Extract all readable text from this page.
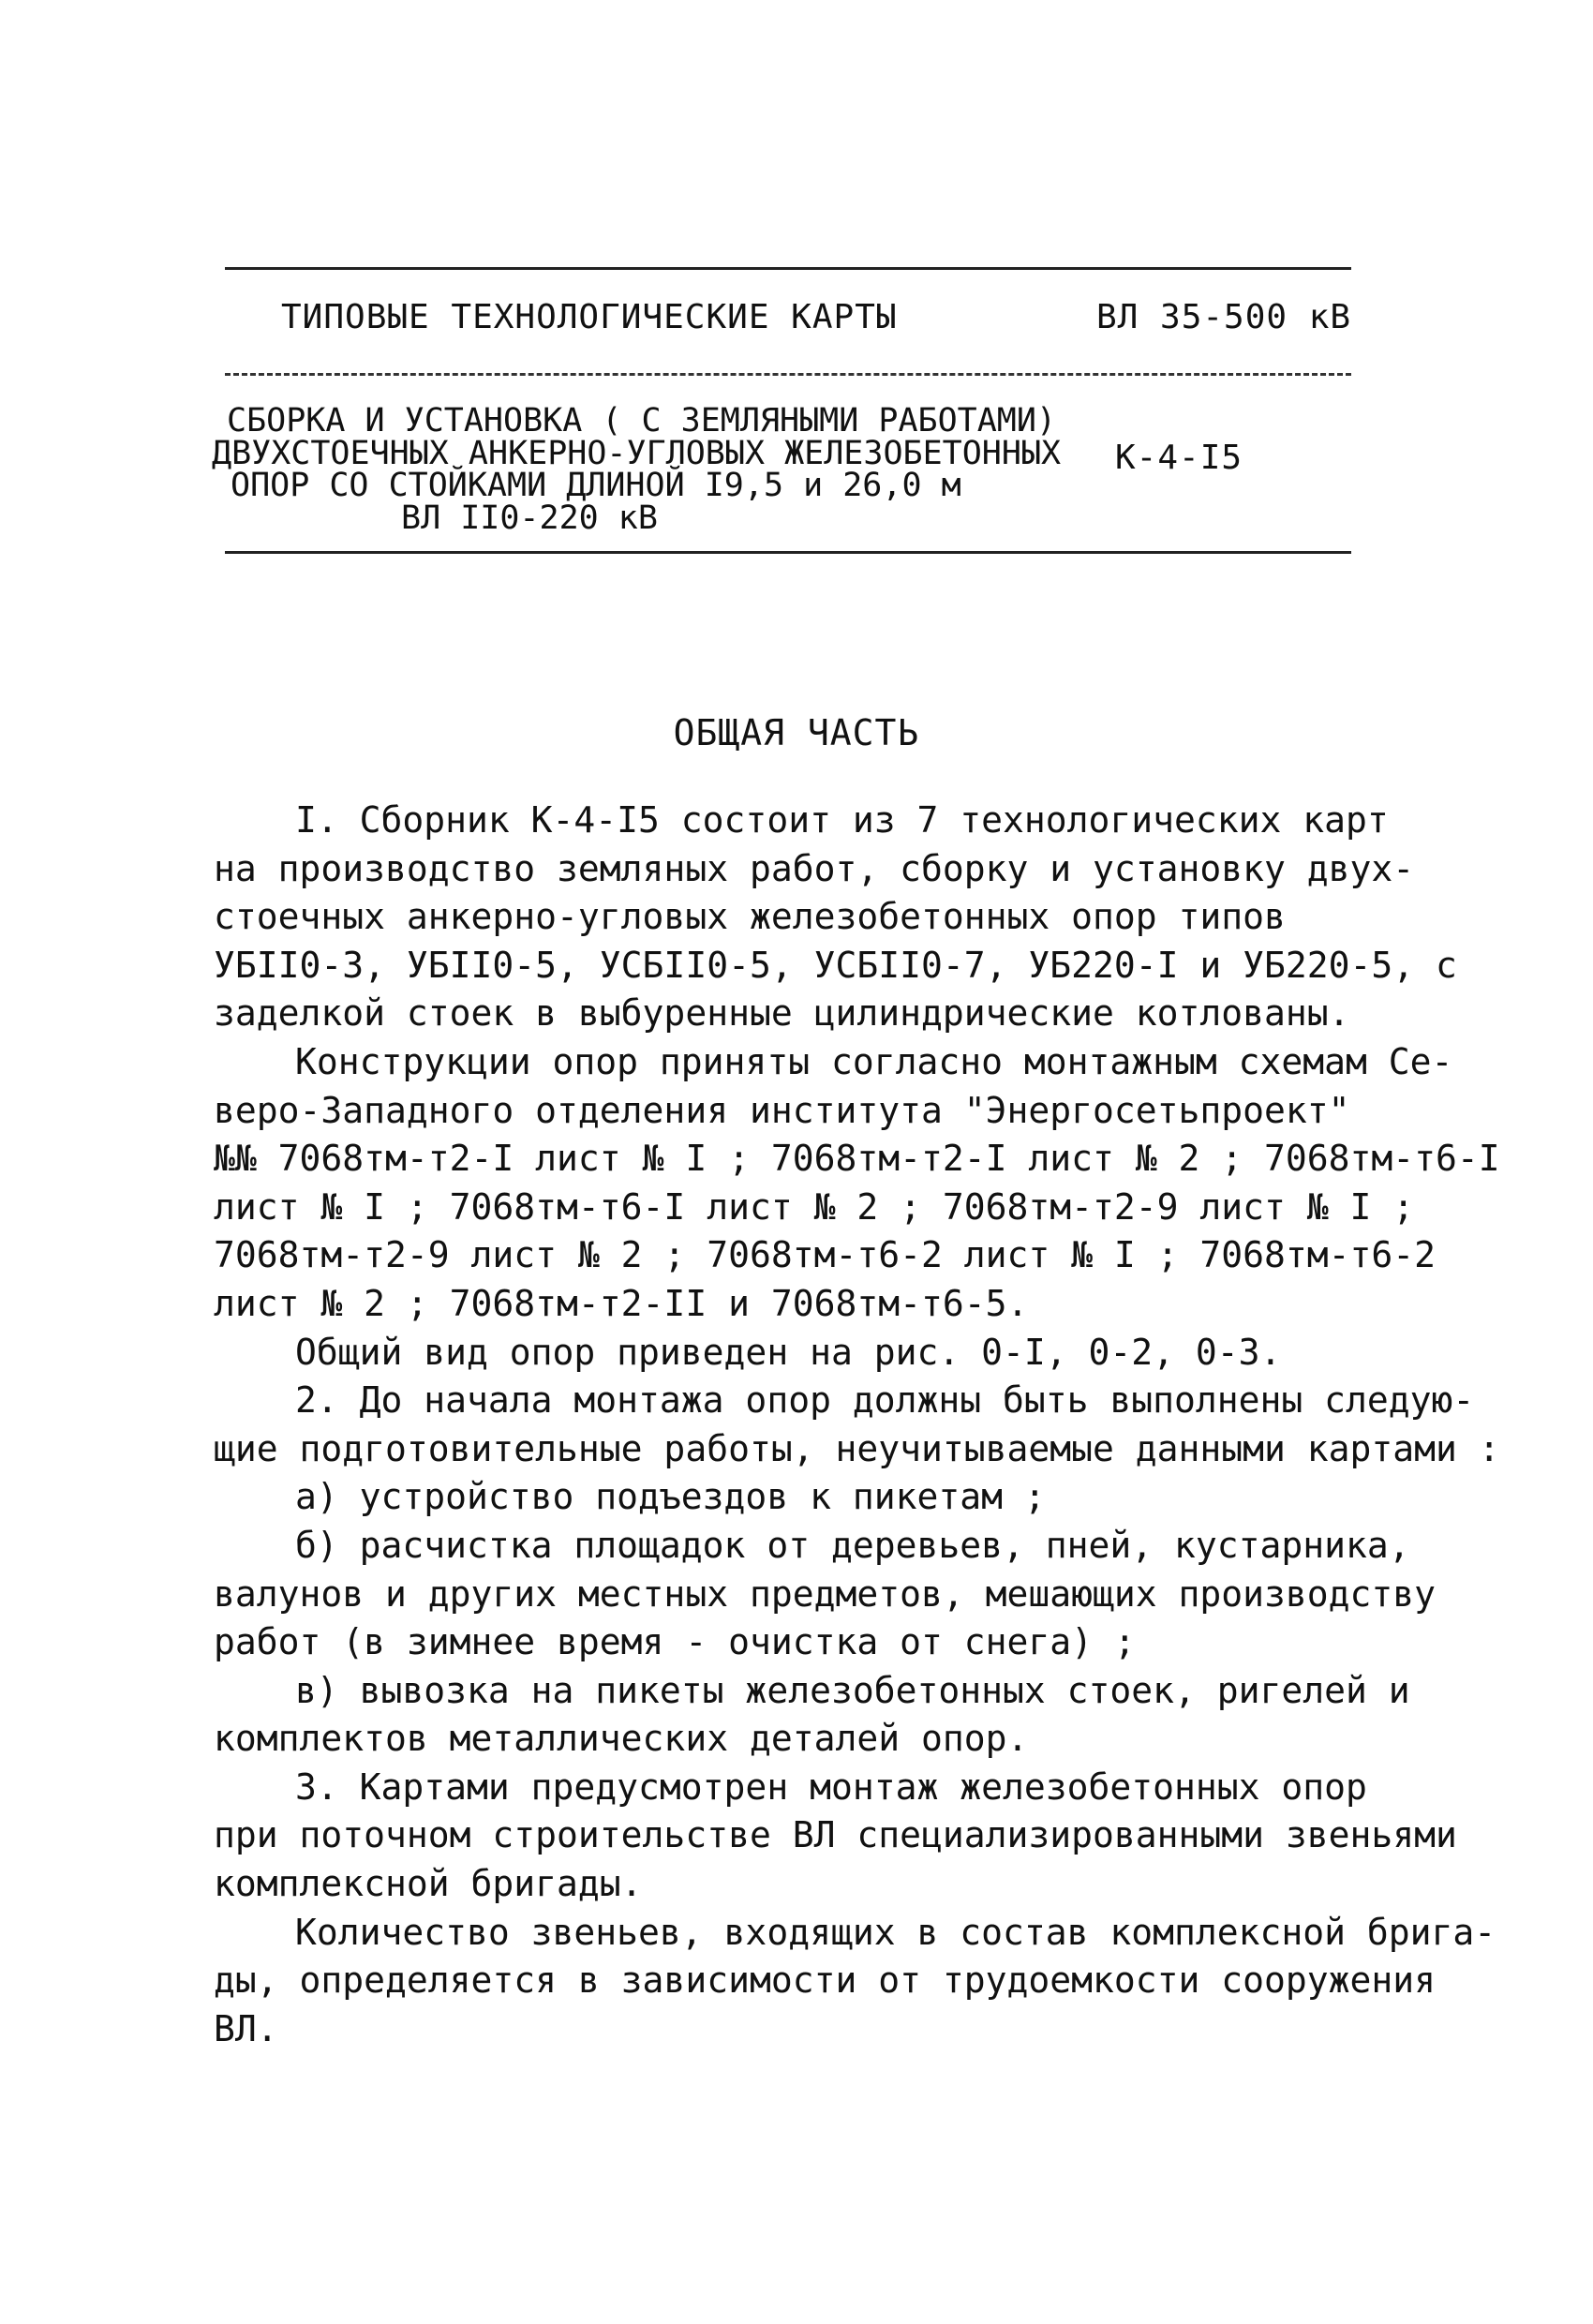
ТИПОВЫЕ ТЕХНОЛОГИЧЕСКИЕ КАРТЫ	ВЛ 35-500 кВ
СБОРКА И УСТАНОВКА ( С ЗЕМЛЯНЫМИ РАБОТАМИ)
ДВУХСТОЕЧНЫХ АНКЕРНО-УГЛОВЫХ ЖЕЛЕЗОБЕТОННЫХ
ОПОР СО СТОЙКАМИ ДЛИНОЙ I9,5 и 26,0 м
ВЛ II0-220 кВ
К-4-I5
ОБЩАЯ ЧАСТЬ
I. Сборник К-4-I5 состоит из 7 технологических карт
на производство земляных работ, сборку и установку двух-
стоечных анкерно-угловых железобетонных опор типов
УБII0-3, УБII0-5, УСБII0-5, УСБII0-7, УБ220-I и УБ220-5, с
заделкой стоек в выбуренные цилиндрические котлованы.
Конструкции опор приняты согласно монтажным схемам Се-
веро-Западного отделения института "Энергосетьпроект"
№№ 7068тм-т2-I лист № I ; 7068тм-т2-I лист № 2 ; 7068тм-т6-I
лист № I ; 7068тм-т6-I лист № 2 ; 7068тм-т2-9 лист № I ;
7068тм-т2-9 лист № 2 ; 7068тм-т6-2 лист № I ; 7068тм-т6-2
лист № 2 ; 7068тм-т2-II и 7068тм-т6-5.
Общий вид опор приведен на рис. 0-I, 0-2, 0-3.
2. До начала монтажа опор должны быть выполнены следую-
щие подготовительные работы, неучитываемые данными картами :
а) устройство подъездов к пикетам ;
б) расчистка площадок от деревьев, пней, кустарника,
валунов и других местных предметов, мешающих производству
работ (в зимнее время - очистка от снега) ;
в) вывозка на пикеты железобетонных стоек, ригелей и
комплектов металлических деталей опор.
3. Картами предусмотрен монтаж железобетонных опор
при поточном строительстве ВЛ специализированными звеньями
комплексной бригады.
Количество звеньев, входящих в состав комплексной брига-
ды, определяется в зависимости от трудоемкости сооружения
ВЛ.
